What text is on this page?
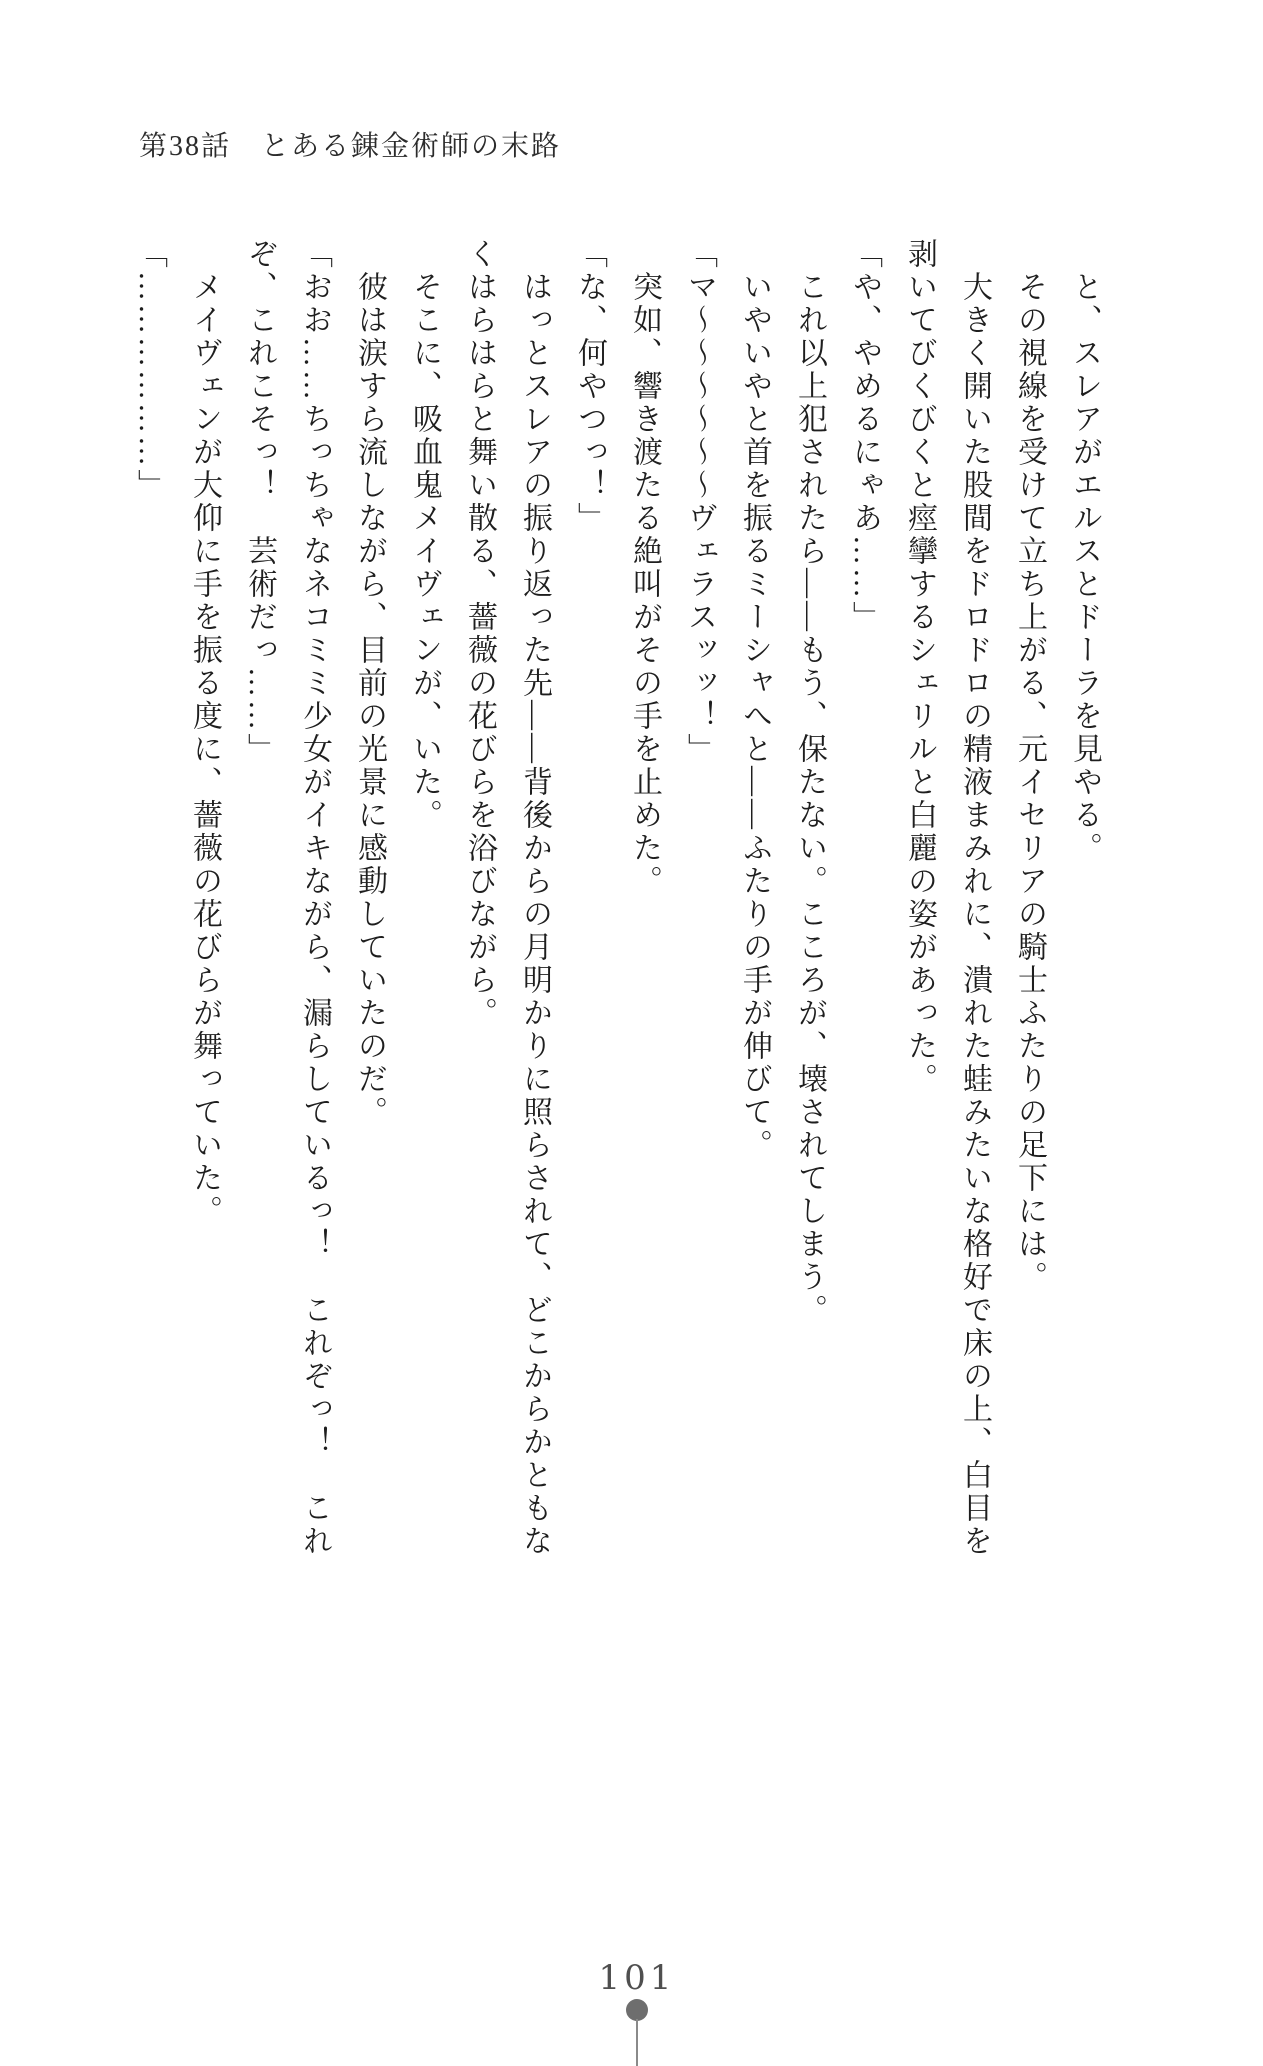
第38話　とある錬金術師の末路

と、スレアがエルスとドーラを見やる。

その視線を受けて立ち上がる、元イセリアの騎士ふたりの足下には。

大きく開いた股間をドロドロの精液まみれに、潰れた蛙みたいな格好で床の上、白目を

剥いてびくびくと痙攣するシェリルと白麗の姿があった。

「や、やめるにゃあ……」

これ以上犯されたら――もう、保たない。こころが、壊されてしまう。

いやいやと首を振るミーシャへと――ふたりの手が伸びて。

「マ〜〜〜〜〜〜ヴェラスッッ！」

突如、響き渡たる絶叫がその手を止めた。

「な、何やつっ！」

はっとスレアの振り返った先――背後からの月明かりに照らされて、どこからかともな

くはらはらと舞い散る、薔薇の花びらを浴びながら。

そこに、吸血鬼メイヴェンが、いた。

彼は涙すら流しながら、目前の光景に感動していたのだ。

「おお……ちっちゃなネコミミ少女がイキながら、漏らしているっ！　これぞっ！　これ

ぞ、これこそっ！　芸術だっ……」

メイヴェンが大仰に手を振る度に、薔薇の花びらが舞っていた。

「………………」

101
